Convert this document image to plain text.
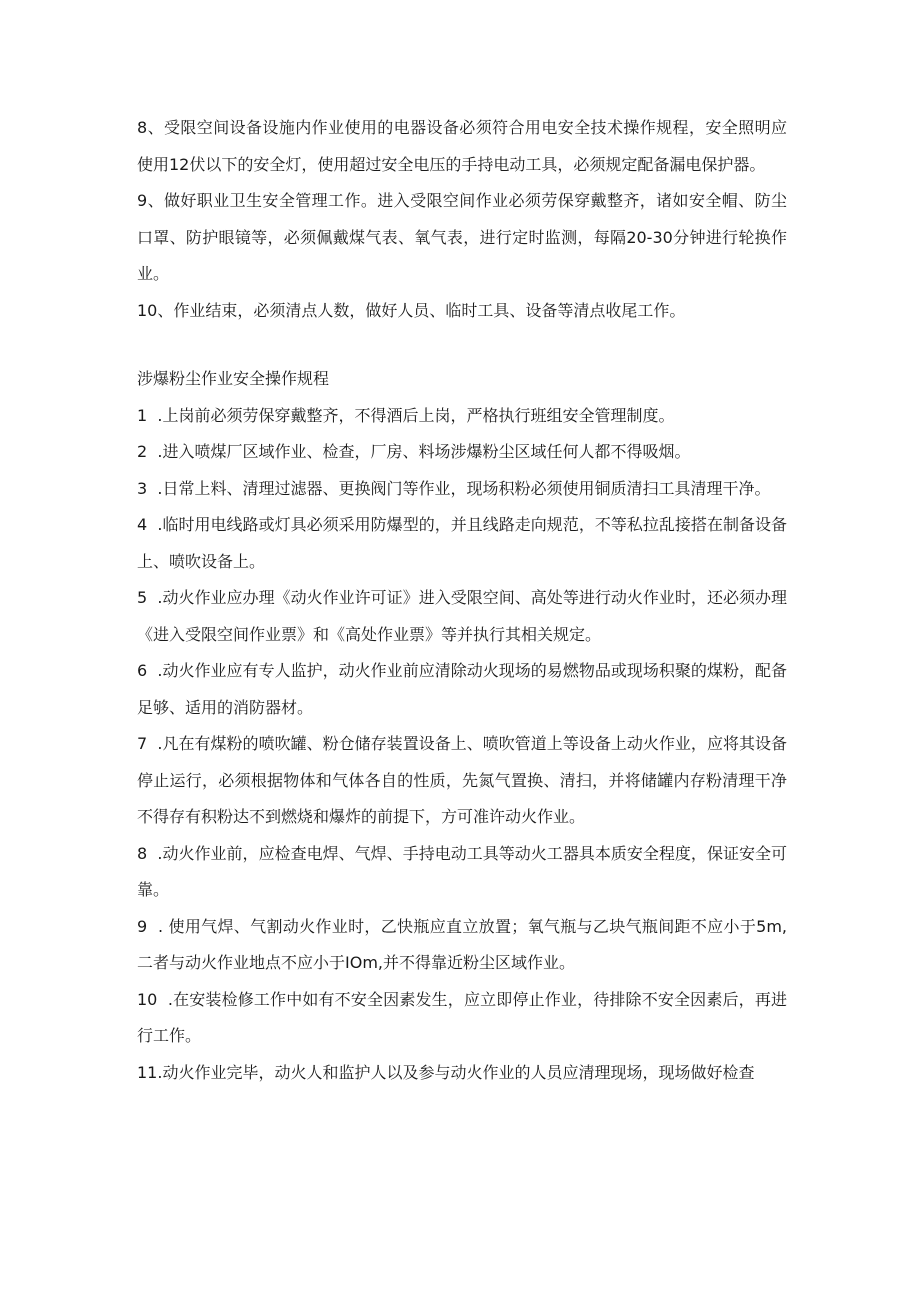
8、受限空间设备设施内作业使用的电器设备必须符合用电安全技术操作规程，安全照明应使用12伏以下的安全灯，使用超过安全电压的手持电动工具，必须规定配备漏电保护器。

9、做好职业卫生安全管理工作。进入受限空间作业必须劳保穿戴整齐，诸如安全帽、防尘口罩、防护眼镜等，必须佩戴煤气表、氧气表，进行定时监测，每隔20-30分钟进行轮换作业。

10、作业结束，必须清点人数，做好人员、临时工具、设备等清点收尾工作。

涉爆粉尘作业安全操作规程

1  .上岗前必须劳保穿戴整齐，不得酒后上岗，严格执行班组安全管理制度。

2  .进入喷煤厂区域作业、检查，厂房、料场涉爆粉尘区域任何人都不得吸烟。

3  .日常上料、清理过滤器、更换阀门等作业，现场积粉必须使用铜质清扫工具清理干净。

4  .临时用电线路或灯具必须采用防爆型的，并且线路走向规范，不等私拉乱接搭在制备设备上、喷吹设备上。

5  .动火作业应办理《动火作业许可证》进入受限空间、高处等进行动火作业时，还必须办理《进入受限空间作业票》和《高处作业票》等并执行其相关规定。

6  .动火作业应有专人监护，动火作业前应清除动火现场的易燃物品或现场积聚的煤粉，配备足够、适用的消防器材。

7  .凡在有煤粉的喷吹罐、粉仓储存装置设备上、喷吹管道上等设备上动火作业，应将其设备停止运行，必须根据物体和气体各自的性质，先氮气置换、清扫，并将储罐内存粉清理干净不得存有积粉达不到燃烧和爆炸的前提下，方可准许动火作业。

8  .动火作业前，应检查电焊、气焊、手持电动工具等动火工器具本质安全程度，保证安全可靠。

9  . 使用气焊、气割动火作业时，乙快瓶应直立放置；氧气瓶与乙块气瓶间距不应小于5m,二者与动火作业地点不应小于IOm,并不得靠近粉尘区域作业。

10  .在安装检修工作中如有不安全因素发生，应立即停止作业，待排除不安全因素后，再进行工作。

11.动火作业完毕，动火人和监护人以及参与动火作业的人员应清理现场，现场做好检查
